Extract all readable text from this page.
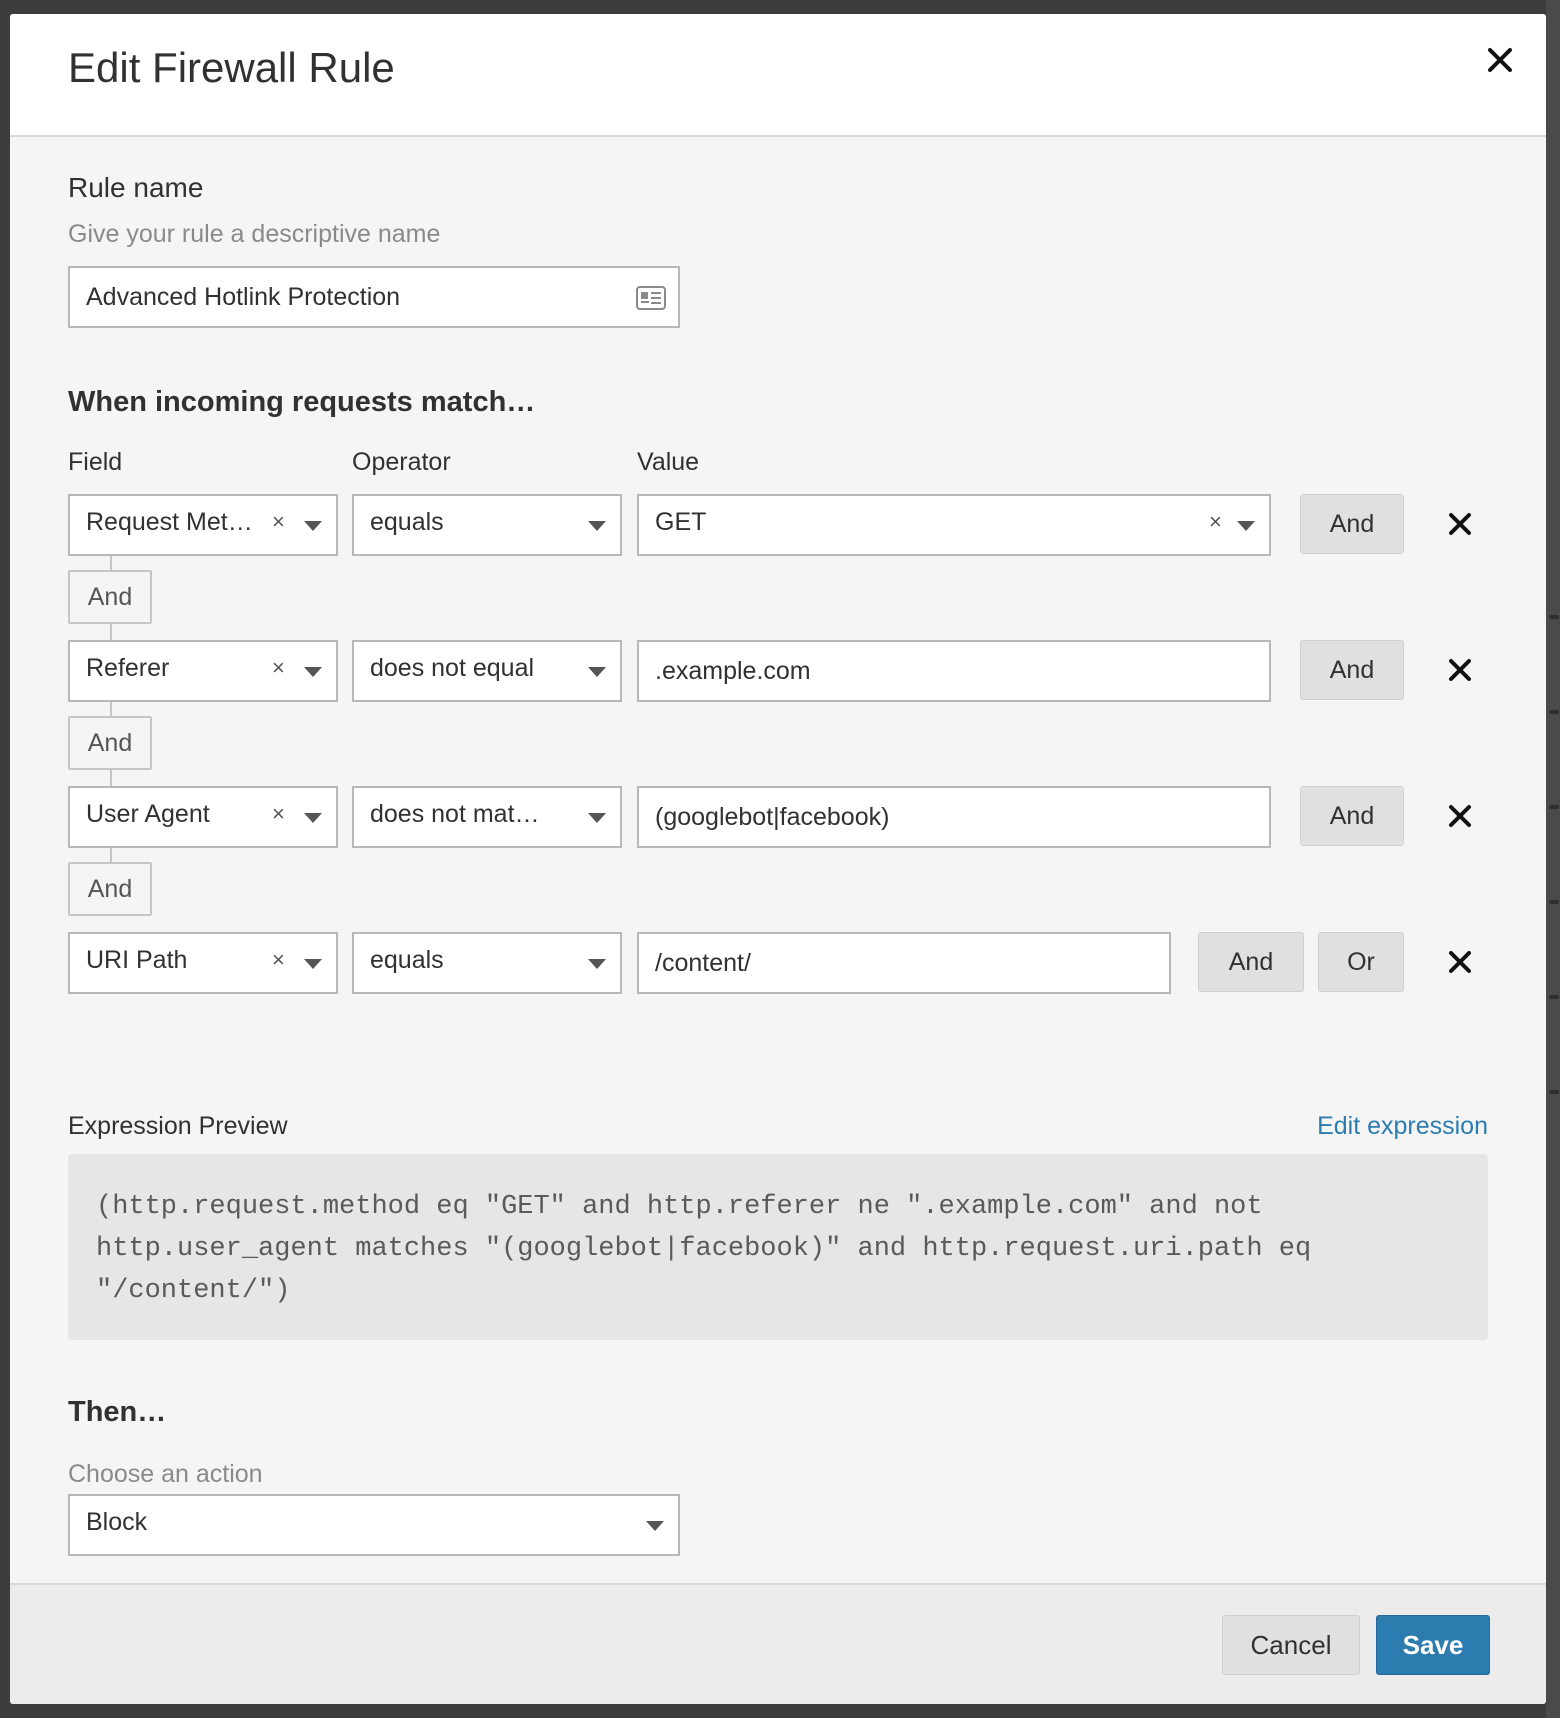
Edit Firewall Rule
Rule name
Give your rule a descriptive name
Advanced Hotlink Protection
When incoming requests match…
Field	Operator	Value
Request Met… ×	equals	GET	×	And
And
Referer	×	does not equal	.example.com	And
And
User Agent	×	does not mat…	(googlebot|facebook)	And
And
URI Path	×	equals	/content/	And	Or
Expression Preview	Edit expression
(http.request.method eq "GET" and http.referer ne ".example.com" and not http.user_agent matches "(googlebot|facebook)" and http.request.uri.path eq "/content/")
Then…
Choose an action
Block
Cancel	Save
